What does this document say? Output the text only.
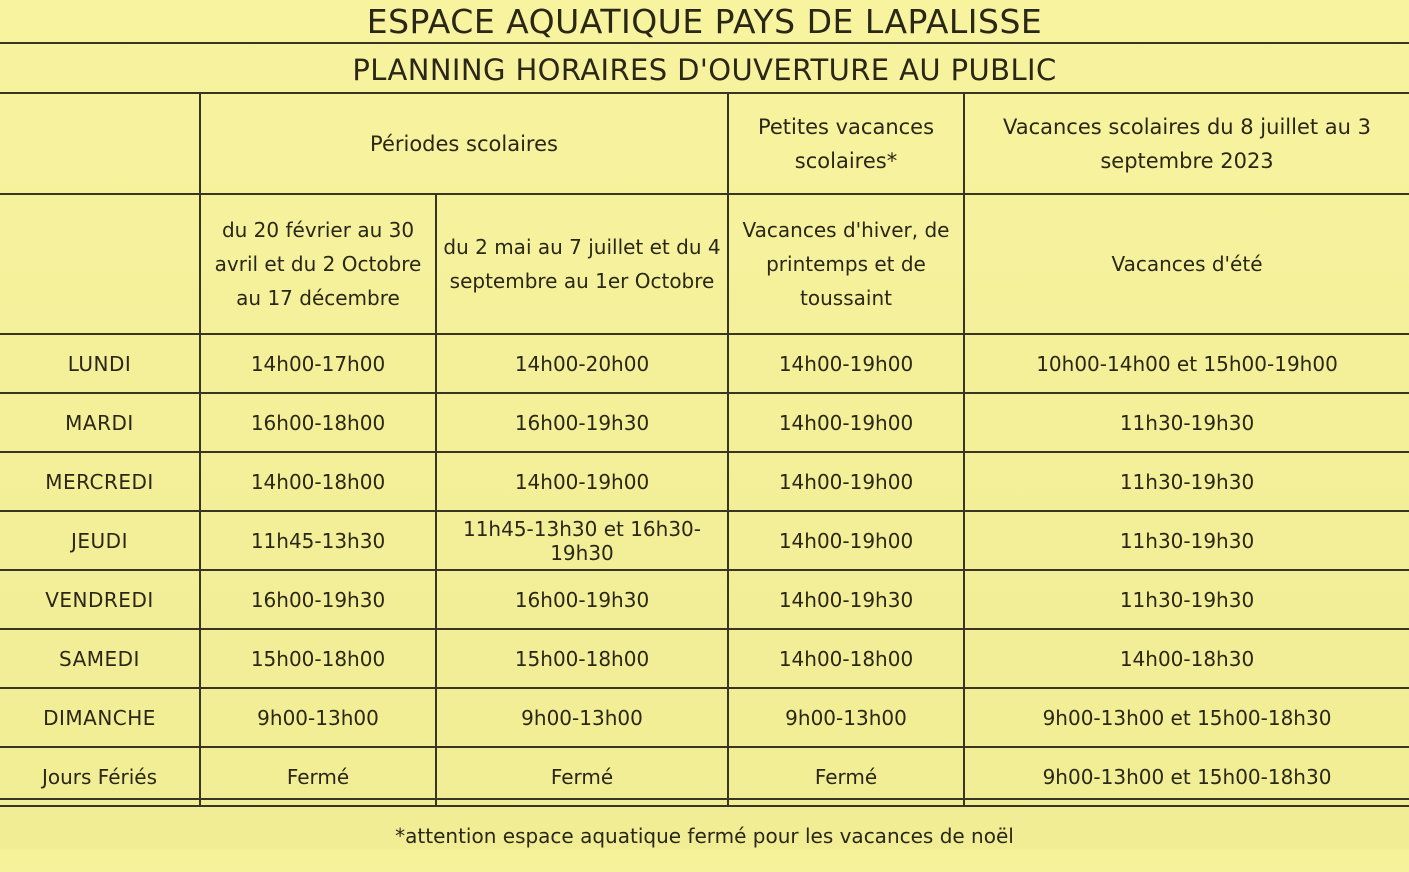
ESPACE AQUATIQUE PAYS DE LAPALISSE
PLANNING HORAIRES D'OUVERTURE AU PUBLIC
	Périodes scolaires		Petites vacances scolaires*	Vacances scolaires du 8 juillet au 3 septembre 2023
	du 20 février au 30 avril et du 2 Octobre au 17 décembre	du 2 mai au 7 juillet et du 4 septembre au 1er Octobre	Vacances d'hiver, de printemps et de toussaint	Vacances d'été
LUNDI	14h00-17h00	14h00-20h00	14h00-19h00	10h00-14h00 et 15h00-19h00
MARDI	16h00-18h00	16h00-19h30	14h00-19h00	11h30-19h30
MERCREDI	14h00-18h00	14h00-19h00	14h00-19h00	11h30-19h30
JEUDI	11h45-13h30	11h45-13h30 et 16h30-19h30	14h00-19h00	11h30-19h30
VENDREDI	16h00-19h30	16h00-19h30	14h00-19h30	11h30-19h30
SAMEDI	15h00-18h00	15h00-18h00	14h00-18h00	14h00-18h30
DIMANCHE	9h00-13h00	9h00-13h00	9h00-13h00	9h00-13h00 et 15h00-18h30
Jours Fériés	Fermé	Fermé	Fermé	9h00-13h00 et 15h00-18h30
*attention espace aquatique fermé pour les vacances de noël
